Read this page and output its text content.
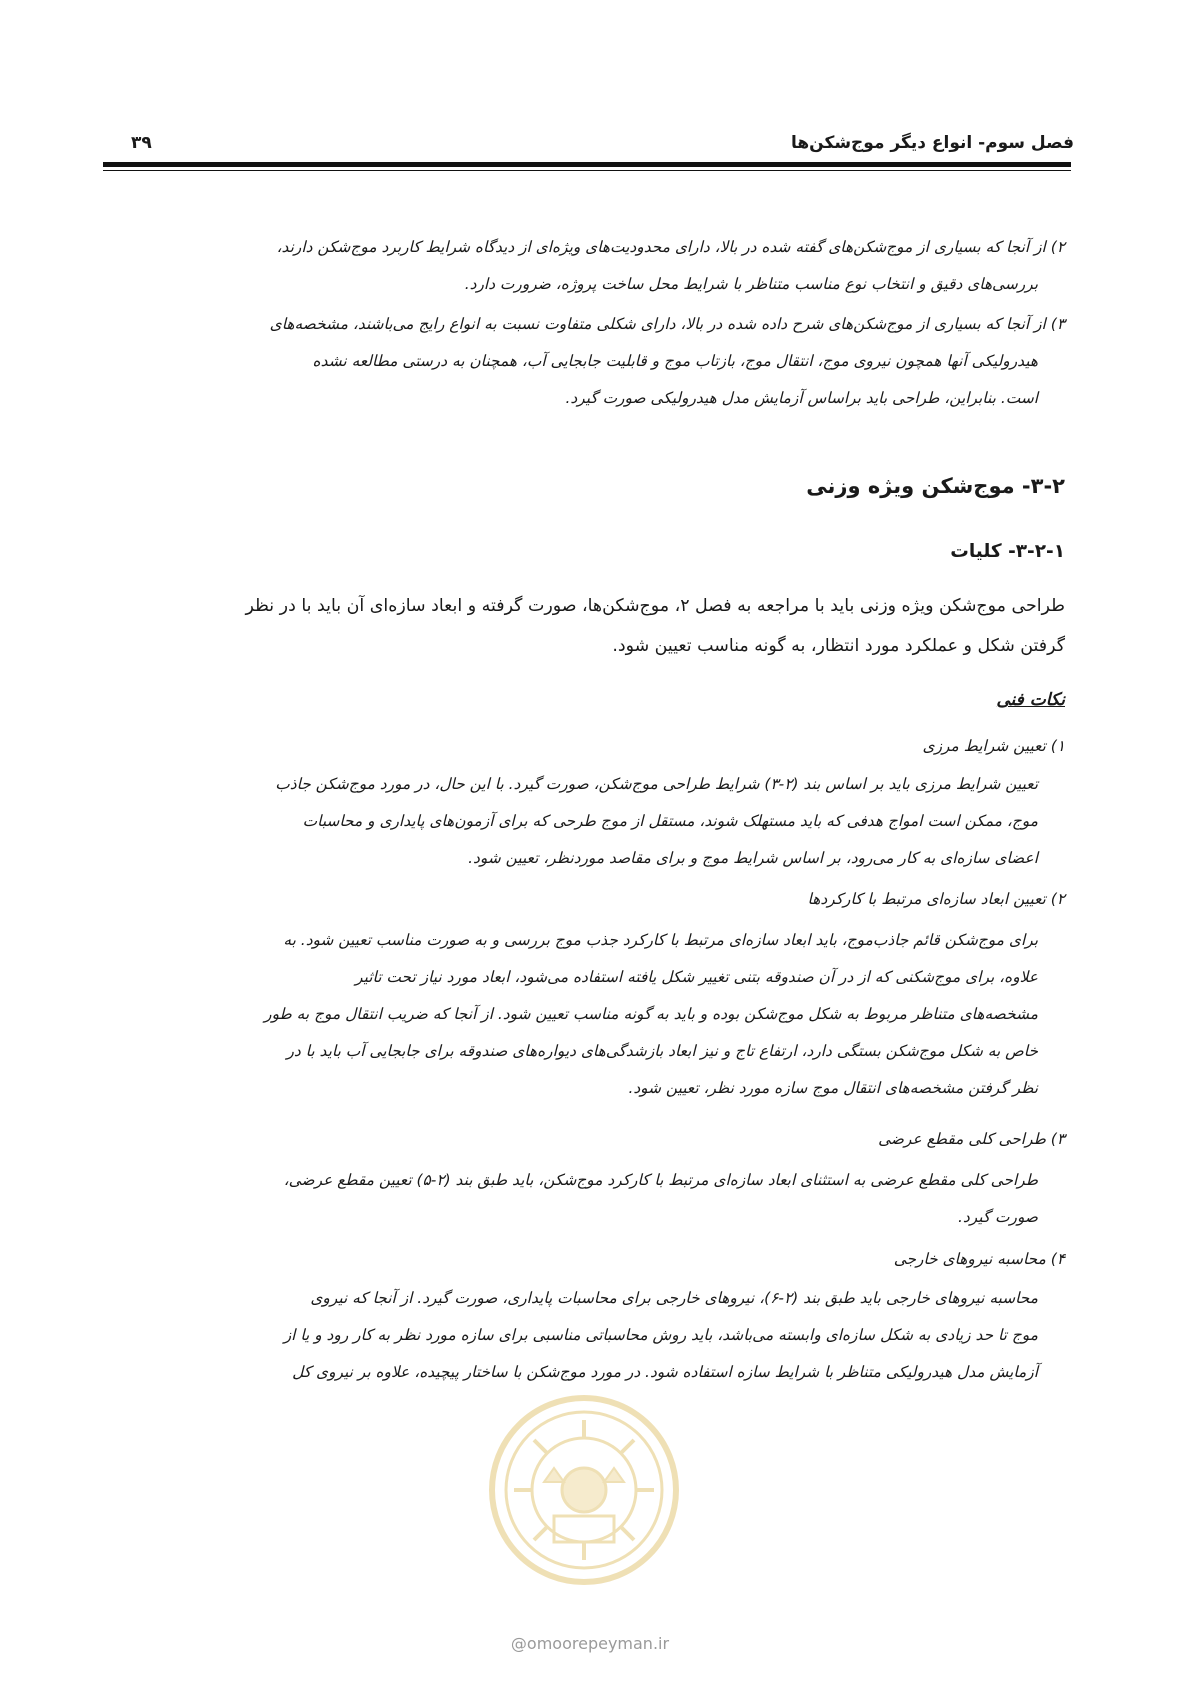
فصل سوم- انواع دیگر موج‌شکن‌ها
۳۹
۲) از آنجا که بسیاری از موج‌شکن‌های گفته شده در بالا، دارای محدودیت‌های ویژه‌ای از دیدگاه شرایط کاربرد موج‌شکن دارند،
بررسی‌های دقیق و انتخاب نوع مناسب متناظر با شرایط محل ساخت پروژه، ضرورت دارد.
۳) از آنجا که بسیاری از موج‌شکن‌های شرح داده شده در بالا، دارای شکلی متفاوت نسبت به انواع رایج می‌باشند، مشخصه‌های
هیدرولیکی آنها همچون نیروی موج، انتقال موج، بازتاب موج و قابلیت جابجایی آب، همچنان به درستی مطالعه نشده
است. بنابراین، طراحی باید براساس آزمایش مدل هیدرولیکی صورت گیرد.
۳-۲- موج‌شکن ویژه وزنی
۳-۲-۱- کلیات
طراحی موج‌شکن ویژه وزنی باید با مراجعه به فصل ۲، موج‌شکن‌ها، صورت گرفته و ابعاد سازه‌ای آن باید با در نظر
گرفتن شکل و عملکرد مورد انتظار، به گونه مناسب تعیین شود.
نکات فنی
۱) تعیین شرایط مرزی
تعیین شرایط مرزی باید بر اساس بند (۲-۳) شرایط طراحی موج‌شکن، صورت گیرد. با این حال، در مورد موج‌شکن جاذب
موج، ممکن است امواج هدفی که باید مستهلک شوند، مستقل از موج طرحی که برای آزمون‌های پایداری و محاسبات
اعضای سازه‌ای به کار می‌رود، بر اساس شرایط موج و برای مقاصد موردنظر، تعیین شود.
۲) تعیین ابعاد سازه‌ای مرتبط با کارکردها
برای موج‌شکن قائم جاذب‌موج، باید ابعاد سازه‌ای مرتبط با کارکرد جذب موج بررسی و به صورت مناسب تعیین شود. به
علاوه، برای موج‌شکنی که از در آن صندوقه بتنی تغییر شکل یافته استفاده می‌شود، ابعاد مورد نیاز تحت تاثیر
مشخصه‌های متناظر مربوط به شکل موج‌شکن بوده و باید به گونه مناسب تعیین شود. از آنجا که ضریب انتقال موج به طور
خاص به شکل موج‌شکن بستگی دارد، ارتفاع تاج و نیز ابعاد بازشدگی‌های دیواره‌های صندوقه برای جابجایی آب باید با در
نظر گرفتن مشخصه‌های انتقال موج سازه مورد نظر، تعیین شود.
۳) طراحی کلی مقطع عرضی
طراحی کلی مقطع عرضی به استثنای ابعاد سازه‌ای مرتبط با کارکرد موج‌شکن، باید طبق بند (۲-۵) تعیین مقطع عرضی،
صورت گیرد.
۴) محاسبه نیروهای خارجی
محاسبه نیروهای خارجی باید طبق بند (۲-۶)، نیروهای خارجی برای محاسبات پایداری، صورت گیرد. از آنجا که نیروی
موج تا حد زیادی به شکل سازه‌ای وابسته می‌باشد، باید روش محاسباتی مناسبی برای سازه مورد نظر به کار رود و یا از
آزمایش مدل هیدرولیکی متناظر با شرایط سازه استفاده شود. در مورد موج‌شکن با ساختار پیچیده، علاوه بر نیروی کل
@omoorepeyman.ir
